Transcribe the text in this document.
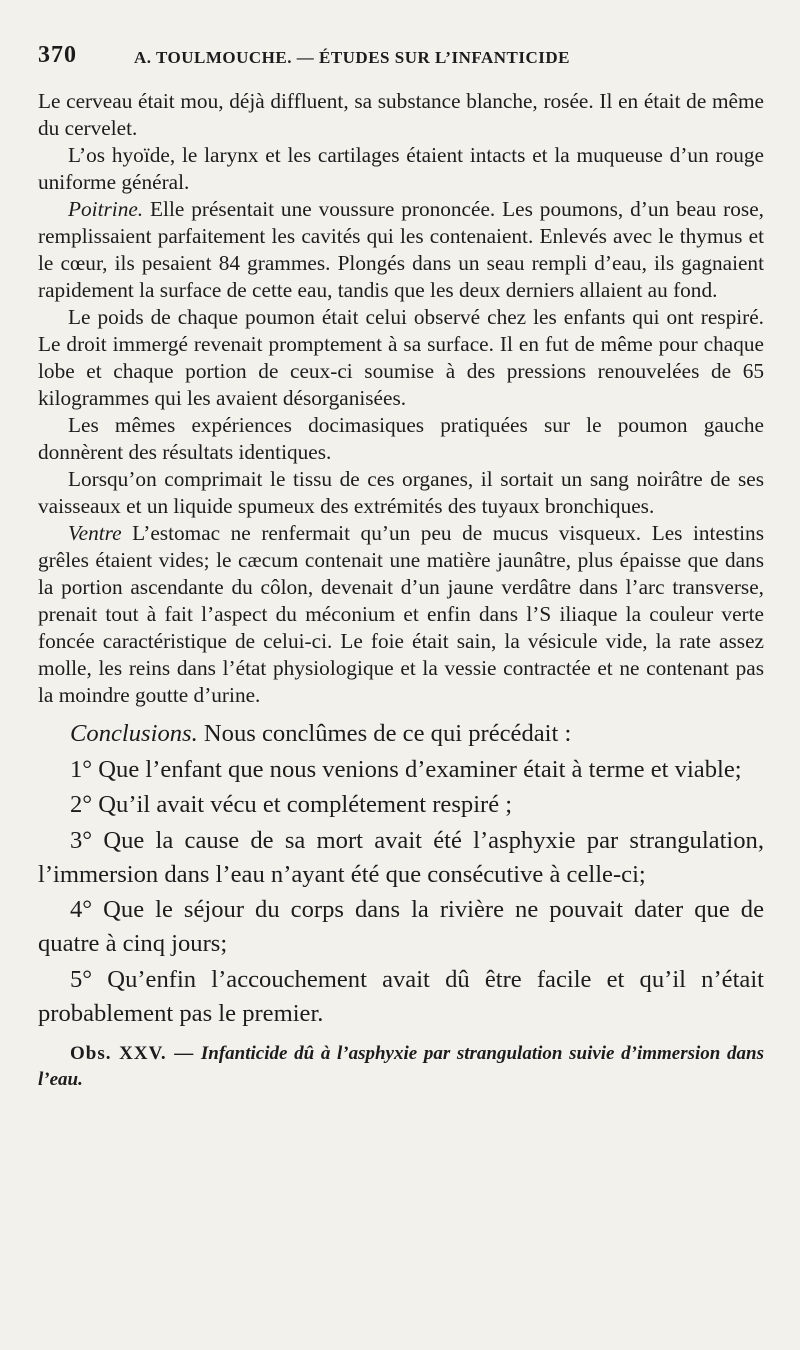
370	A. TOULMOUCHE. — ÉTUDES SUR L’INFANTICIDE

Le cerveau était mou, déjà diffluent, sa substance blanche, rosée. Il en était de même du cervelet.

L’os hyoïde, le larynx et les cartilages étaient intacts et la muqueuse d’un rouge uniforme général.

Poitrine. Elle présentait une voussure prononcée. Les poumons, d’un beau rose, remplissaient parfaitement les cavités qui les contenaient. Enlevés avec le thymus et le cœur, ils pesaient 84 grammes. Plongés dans un seau rempli d’eau, ils gagnaient rapidement la surface de cette eau, tandis que les deux derniers allaient au fond.

Le poids de chaque poumon était celui observé chez les enfants qui ont respiré. Le droit immergé revenait promptement à sa surface. Il en fut de même pour chaque lobe et chaque portion de ceux-ci soumise à des pressions renouvelées de 65 kilogrammes qui les avaient désorganisées.

Les mêmes expériences docimasiques pratiquées sur le poumon gauche donnèrent des résultats identiques.

Lorsqu’on comprimait le tissu de ces organes, il sortait un sang noirâtre de ses vaisseaux et un liquide spumeux des extrémités des tuyaux bronchiques.

Ventre L’estomac ne renfermait qu’un peu de mucus visqueux. Les intestins grêles étaient vides; le cæcum contenait une matière jaunâtre, plus épaisse que dans la portion ascendante du côlon, devenait d’un jaune verdâtre dans l’arc transverse, prenait tout à fait l’aspect du méconium et enfin dans l’S iliaque la couleur verte foncée caractéristique de celui-ci. Le foie était sain, la vésicule vide, la rate assez molle, les reins dans l’état physiologique et la vessie contractée et ne contenant pas la moindre goutte d’urine.

Conclusions. Nous conclûmes de ce qui précédait :

1° Que l’enfant que nous venions d’examiner était à terme et viable;

2° Qu’il avait vécu et complétement respiré ;

3° Que la cause de sa mort avait été l’asphyxie par strangulation, l’immersion dans l’eau n’ayant été que consécutive à celle-ci;

4° Que le séjour du corps dans la rivière ne pouvait dater que de quatre à cinq jours;

5° Qu’enfin l’accouchement avait dû être facile et qu’il n’était probablement pas le premier.

Obs. XXV. — Infanticide dû à l’asphyxie par strangulation suivie d’immersion dans l’eau.
